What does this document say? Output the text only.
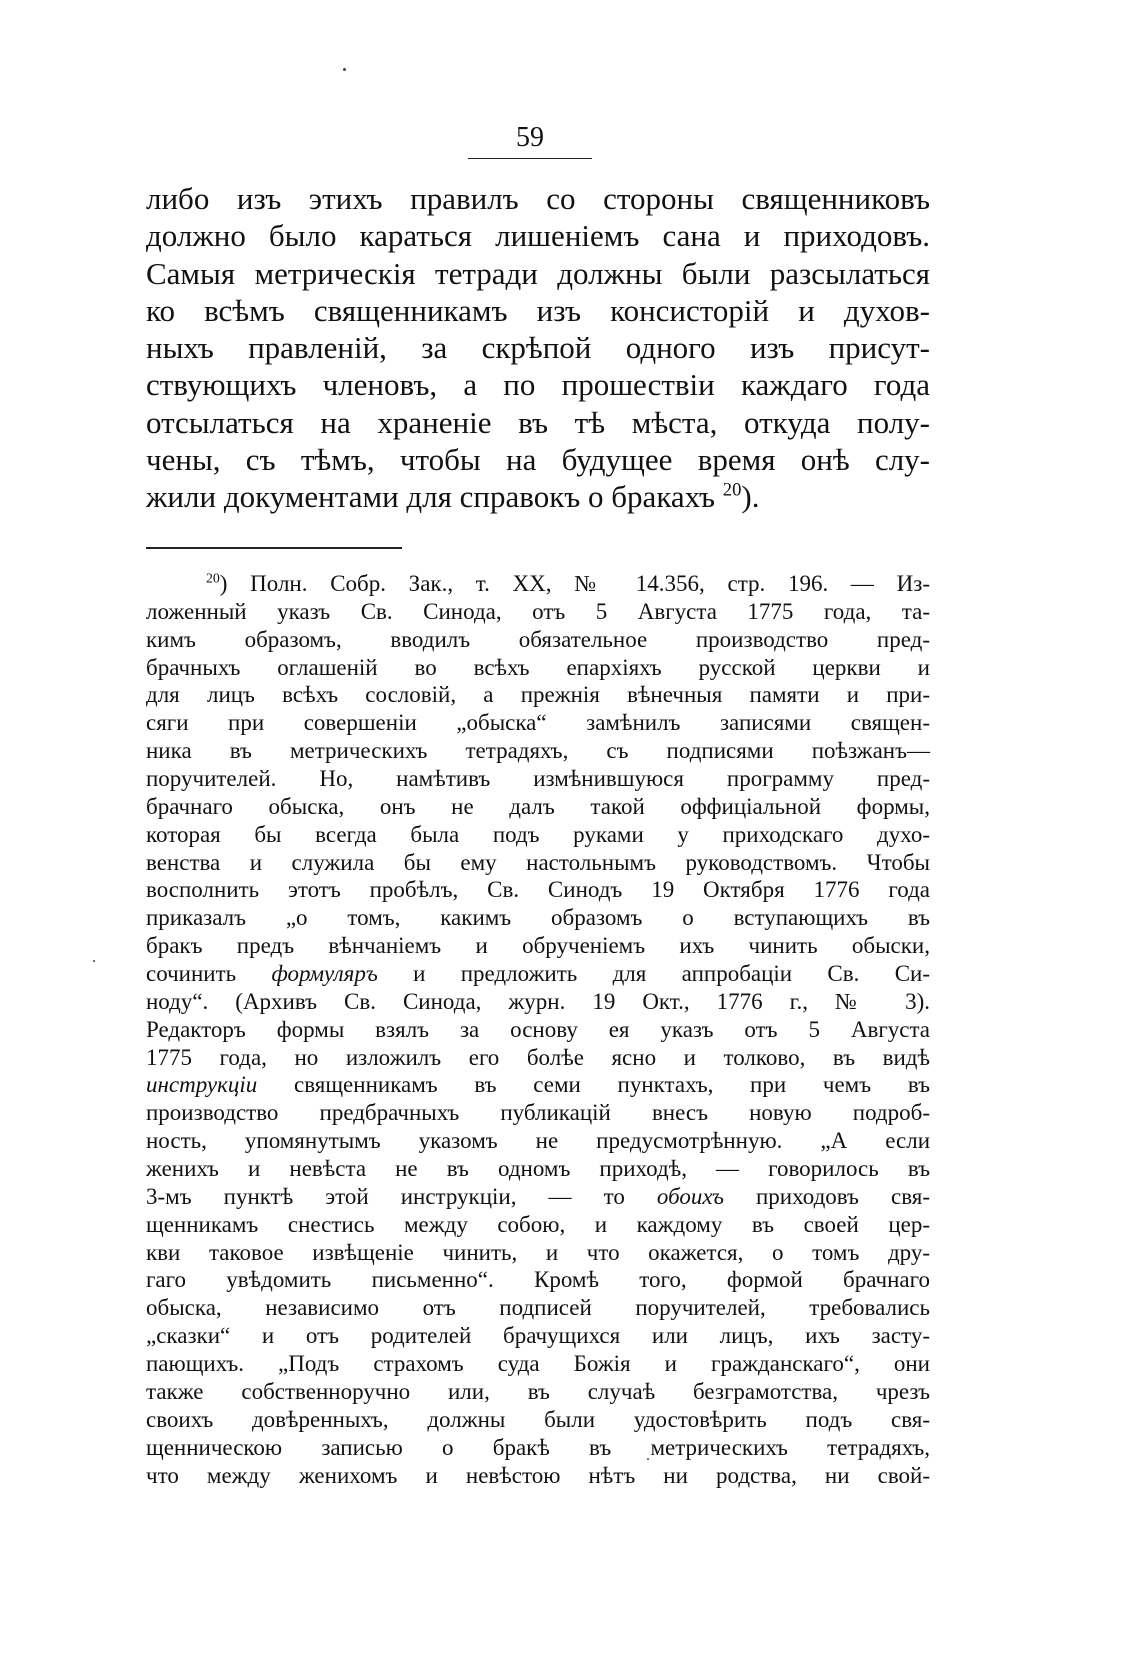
59
либо изъ этихъ правилъ со стороны священниковъ
должно было караться лишеніемъ сана и приходовъ.
Самыя метрическія тетради должны были разсылаться
ко всѣмъ священникамъ изъ консисторій и духов-
ныхъ правленій, за скрѣпой одного изъ присут-
ствующихъ членовъ, а по прошествіи каждаго года
отсылаться на храненіе въ тѣ мѣста, откуда полу-
чены, съ тѣмъ, чтобы на будущее время онѣ слу-
жили документами для справокъ о бракахъ $^{20}$).
$^{20}$) Полн. Собр. Зак., т. XX, № 14.356, стр. 196. — Из-
ложенный указъ Св. Синода, отъ 5 Августа 1775 года, та-
кимъ образомъ, вводилъ обязательное производство пред-
брачныхъ оглашеній во всѣхъ епархіяхъ русской церкви и
для лицъ всѣхъ сословій, а прежнія вѣнечныя памяти и при-
сяги при совершеніи „обыска“ замѣнилъ записями священ-
ника въ метрическихъ тетрадяхъ, съ подписями поѣзжанъ—
поручителей. Но, намѣтивъ измѣнившуюся программу пред-
брачнаго обыска, онъ не далъ такой оффиціальной формы,
которая бы всегда была подъ руками у приходскаго духо-
венства и служила бы ему настольнымъ руководствомъ. Чтобы
восполнить этотъ пробѣлъ, Св. Синодъ 19 Октября 1776 года
приказалъ „о томъ, какимъ образомъ о вступающихъ въ
бракъ предъ вѣнчаніемъ и обрученіемъ ихъ чинить обыски,
сочинить формуляръ и предложить для аппробаціи Св. Си-
ноду“. (Архивъ Св. Синода, журн. 19 Окт., 1776 г., № 3).
Редакторъ формы взялъ за основу ея указъ отъ 5 Августа
1775 года, но изложилъ его болѣе ясно и толково, въ видѣ
инструкціи священникамъ въ семи пунктахъ, при чемъ въ
производство предбрачныхъ публикацій внесъ новую подроб-
ность, упомянутымъ указомъ не предусмотрѣнную. „А если
женихъ и невѣста не въ одномъ приходѣ, — говорилось въ
3-мъ пунктѣ этой инструкціи, — то обоихъ приходовъ свя-
щенникамъ снестись между собою, и каждому въ своей цер-
кви таковое извѣщеніе чинить, и что окажется, о томъ дру-
гаго увѣдомить письменно“. Кромѣ того, формой брачнаго
обыска, независимо отъ подписей поручителей, требовались
„сказки“ и отъ родителей брачущихся или лицъ, ихъ засту-
пающихъ. „Подъ страхомъ суда Божія и гражданскаго“, они
также собственноручно или, въ случаѣ безграмотства, чрезъ
своихъ довѣренныхъ, должны были удостовѣрить подъ свя-
щенническою записью о бракѣ въ метрическихъ тетрадяхъ,
что между женихомъ и невѣстою нѣтъ ни родства, ни свой-
